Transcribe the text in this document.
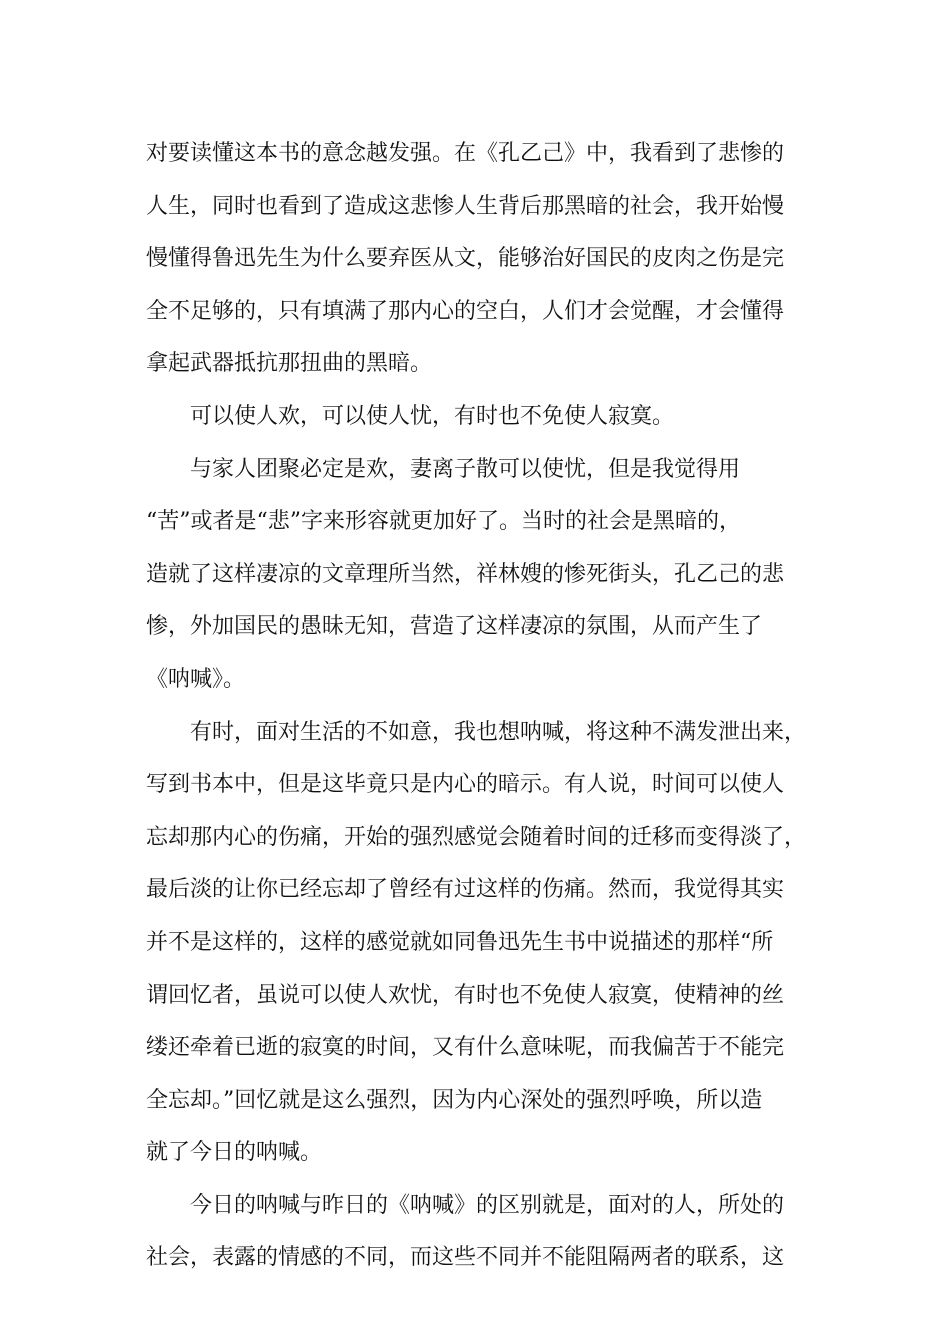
对要读懂这本书的意念越发强。在《孔乙己》中，我看到了悲惨的
人生，同时也看到了造成这悲惨人生背后那黑暗的社会，我开始慢
慢懂得鲁迅先生为什么要弃医从文，能够治好国民的皮肉之伤是完
全不足够的，只有填满了那内心的空白，人们才会觉醒，才会懂得
拿起武器抵抗那扭曲的黑暗。
可以使人欢，可以使人忧，有时也不免使人寂寞。
与家人团聚必定是欢，妻离子散可以使忧，但是我觉得用
“苦”或者是“悲”字来形容就更加好了。当时的社会是黑暗的，
造就了这样凄凉的文章理所当然，祥林嫂的惨死街头，孔乙己的悲
惨，外加国民的愚昧无知，营造了这样凄凉的氛围，从而产生了
《呐喊》。
有时，面对生活的不如意，我也想呐喊，将这种不满发泄出来，
写到书本中，但是这毕竟只是内心的暗示。有人说，时间可以使人
忘却那内心的伤痛，开始的强烈感觉会随着时间的迁移而变得淡了，
最后淡的让你已经忘却了曾经有过这样的伤痛。然而，我觉得其实
并不是这样的，这样的感觉就如同鲁迅先生书中说描述的那样“所
谓回忆者，虽说可以使人欢忧，有时也不免使人寂寞，使精神的丝
缕还牵着已逝的寂寞的时间，又有什么意味呢，而我偏苦于不能完
全忘却。”回忆就是这么强烈，因为内心深处的强烈呼唤，所以造
就了今日的呐喊。
今日的呐喊与昨日的《呐喊》的区别就是，面对的人，所处的
社会，表露的情感的不同，而这些不同并不能阻隔两者的联系，这
